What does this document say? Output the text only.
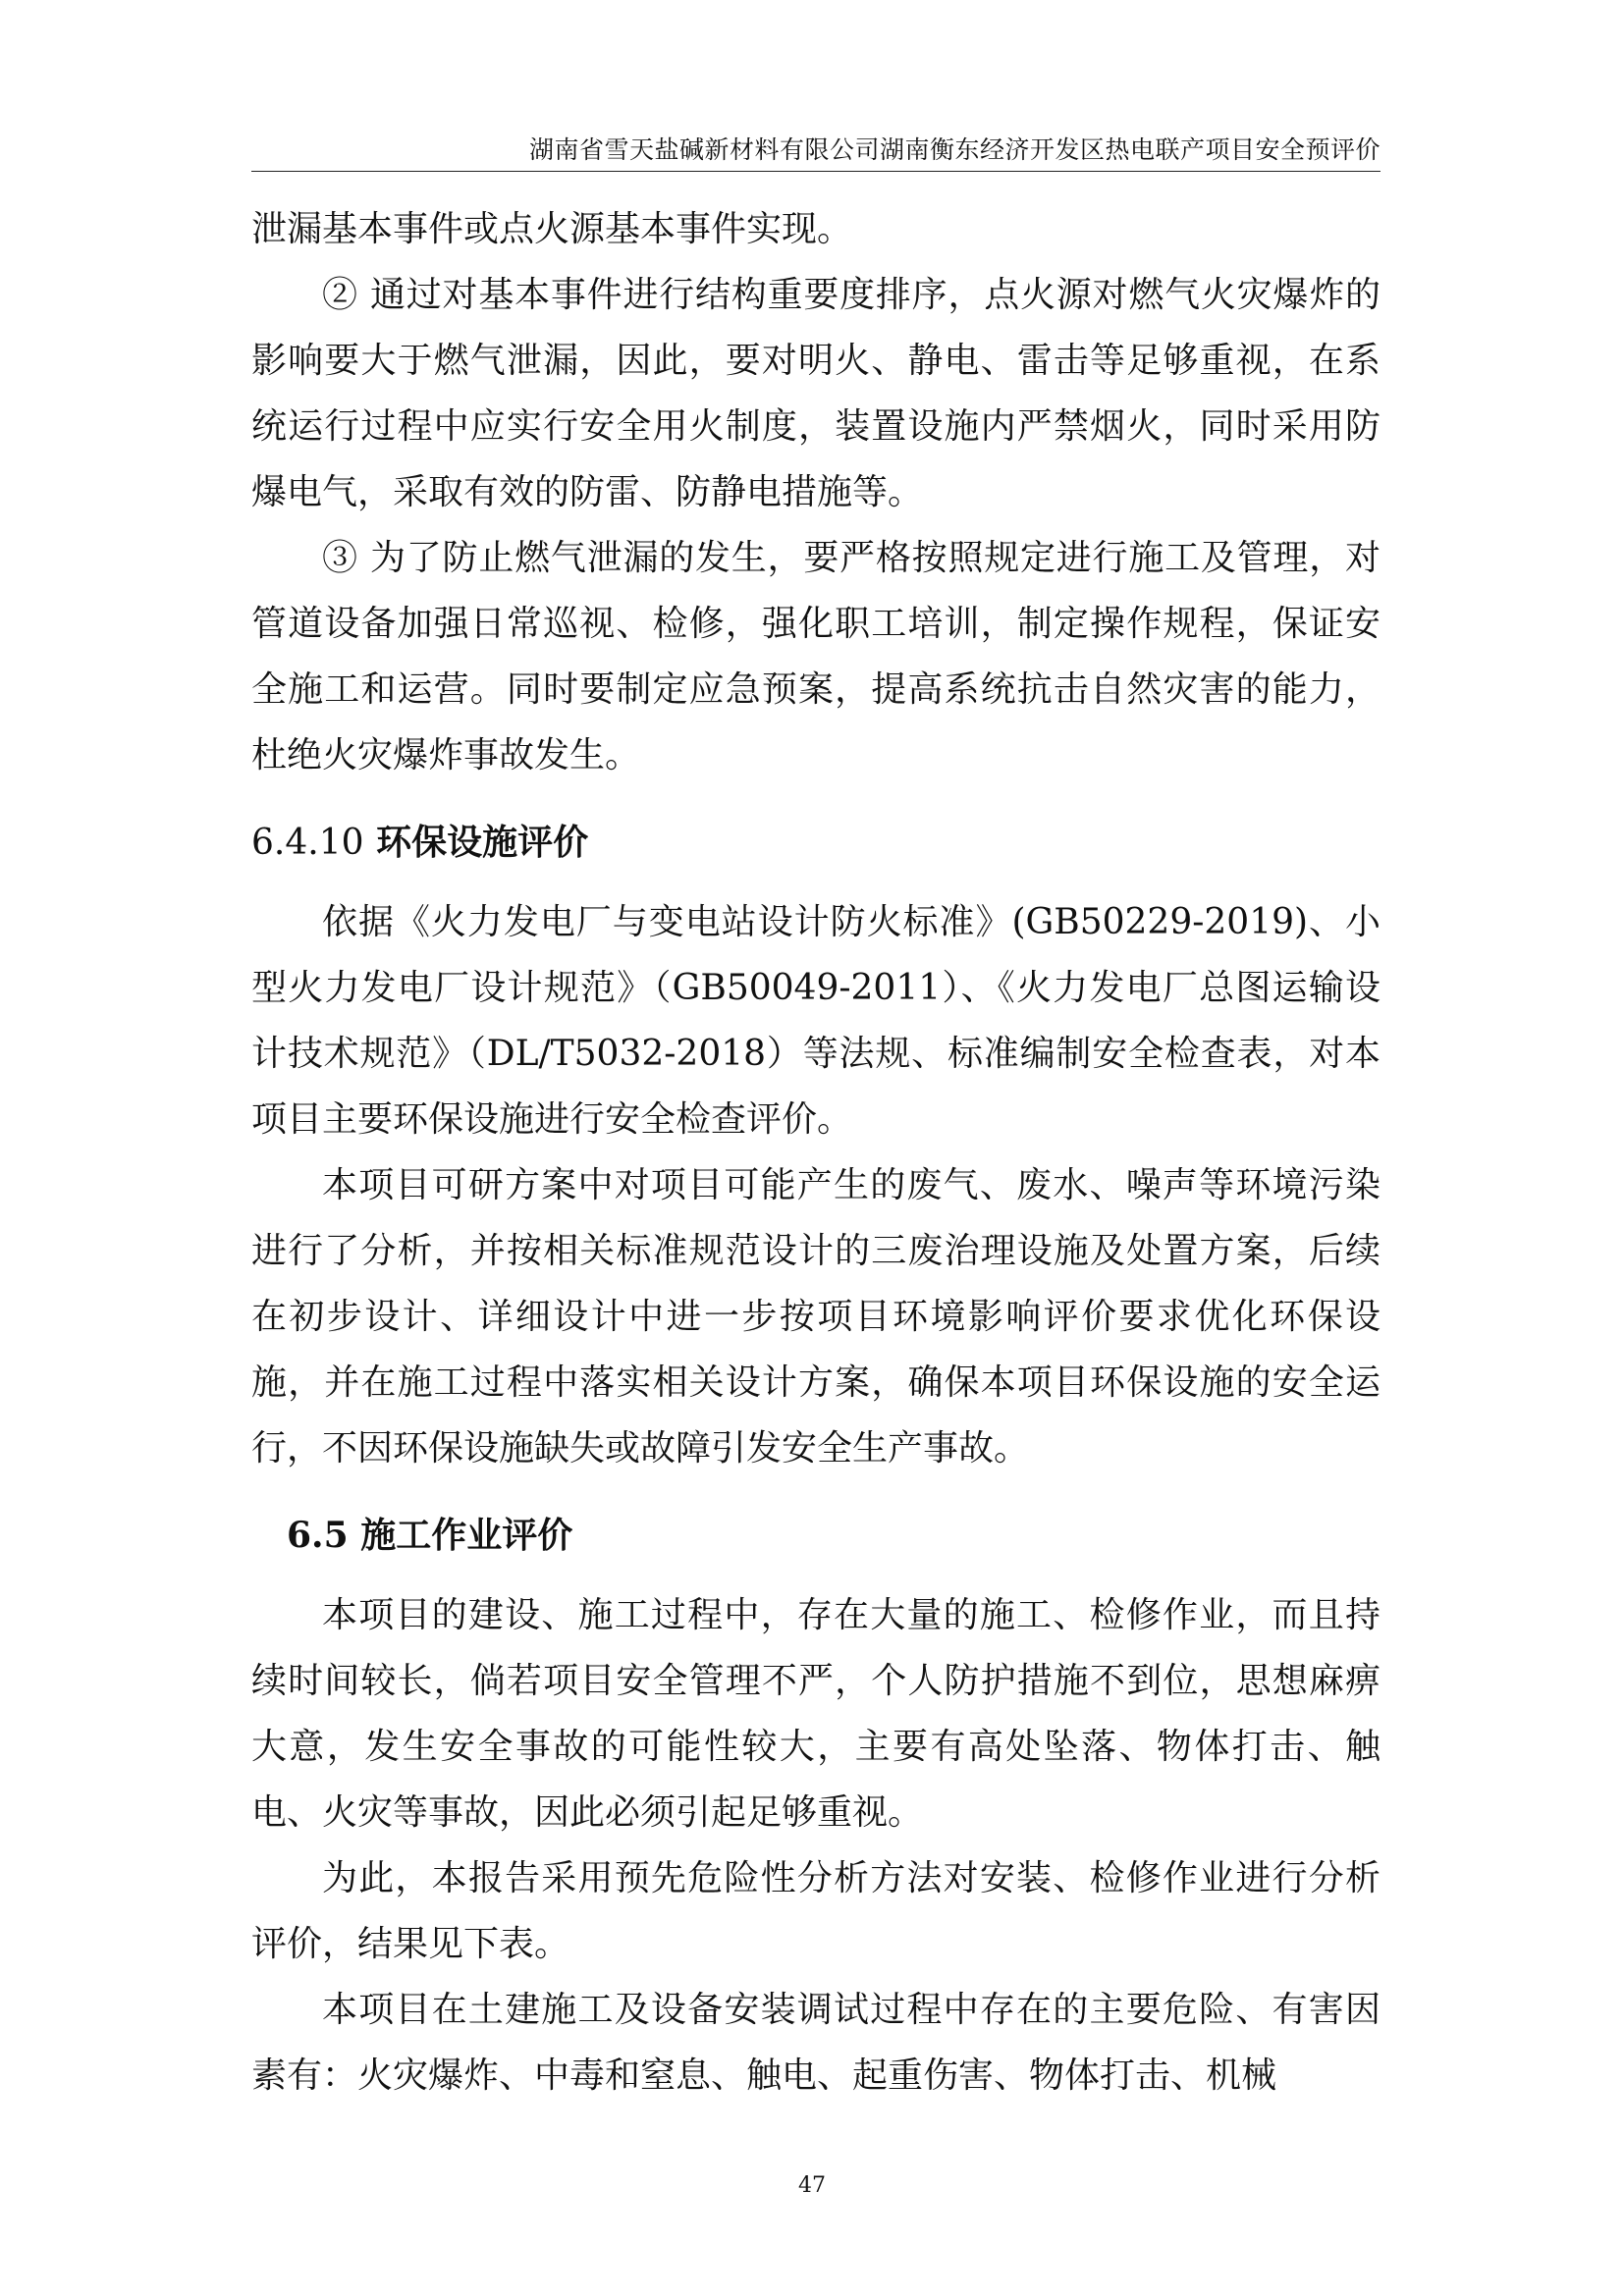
湖南省雪天盐碱新材料有限公司湖南衡东经济开发区热电联产项目安全预评价

泄漏基本事件或点火源基本事件实现。

② 通过对基本事件进行结构重要度排序，点火源对燃气火灾爆炸的影响要大于燃气泄漏，因此，要对明火、静电、雷击等足够重视，在系统运行过程中应实行安全用火制度，装置设施内严禁烟火，同时采用防爆电气，采取有效的防雷、防静电措施等。

③ 为了防止燃气泄漏的发生，要严格按照规定进行施工及管理，对管道设备加强日常巡视、检修，强化职工培训，制定操作规程，保证安全施工和运营。同时要制定应急预案，提高系统抗击自然灾害的能力，杜绝火灾爆炸事故发生。

6.4.10 环保设施评价

依据《火力发电厂与变电站设计防火标准》(GB50229-2019)、小型火力发电厂设计规范》（GB50049-2011）、《火力发电厂总图运输设计技术规范》（DL/T5032-2018）等法规、标准编制安全检查表，对本项目主要环保设施进行安全检查评价。

本项目可研方案中对项目可能产生的废气、废水、噪声等环境污染进行了分析，并按相关标准规范设计的三废治理设施及处置方案，后续在初步设计、详细设计中进一步按项目环境影响评价要求优化环保设施，并在施工过程中落实相关设计方案，确保本项目环保设施的安全运行，不因环保设施缺失或故障引发安全生产事故。

6.5 施工作业评价

本项目的建设、施工过程中，存在大量的施工、检修作业，而且持续时间较长，倘若项目安全管理不严，个人防护措施不到位，思想麻痹大意，发生安全事故的可能性较大，主要有高处坠落、物体打击、触电、火灾等事故，因此必须引起足够重视。

为此，本报告采用预先危险性分析方法对安装、检修作业进行分析评价，结果见下表。

本项目在土建施工及设备安装调试过程中存在的主要危险、有害因素有：火灾爆炸、中毒和窒息、触电、起重伤害、物体打击、机械

47
